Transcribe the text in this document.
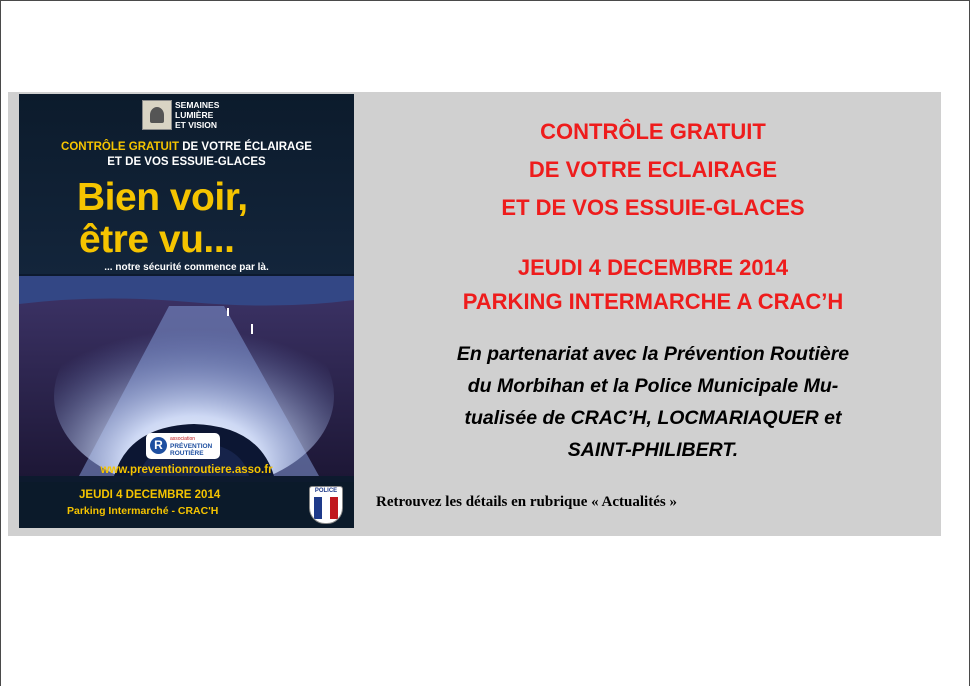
SEMAINES
LUMIÈRE
ET VISION
CONTRÔLE GRATUIT DE VOTRE ÉCLAIRAGE
ET DE VOS ESSUIE-GLACES
Bien voir,
être vu...
... notre sécurité commence par là.
R	association
PRÉVENTION
ROUTIÈRE
www.preventionroutiere.asso.fr
JEUDI 4 DECEMBRE 2014
Parking Intermarché - CRAC'H
POLICE
CONTRÔLE GRATUIT
DE VOTRE ECLAIRAGE
ET DE VOS ESSUIE-GLACES
JEUDI 4 DECEMBRE 2014
PARKING INTERMARCHE A CRAC’H
En partenariat avec la Prévention Routière
du Morbihan et la Police Municipale Mu-
tualisée de CRAC’H, LOCMARIAQUER et
SAINT-PHILIBERT.
Retrouvez les détails en rubrique « Actualités »
